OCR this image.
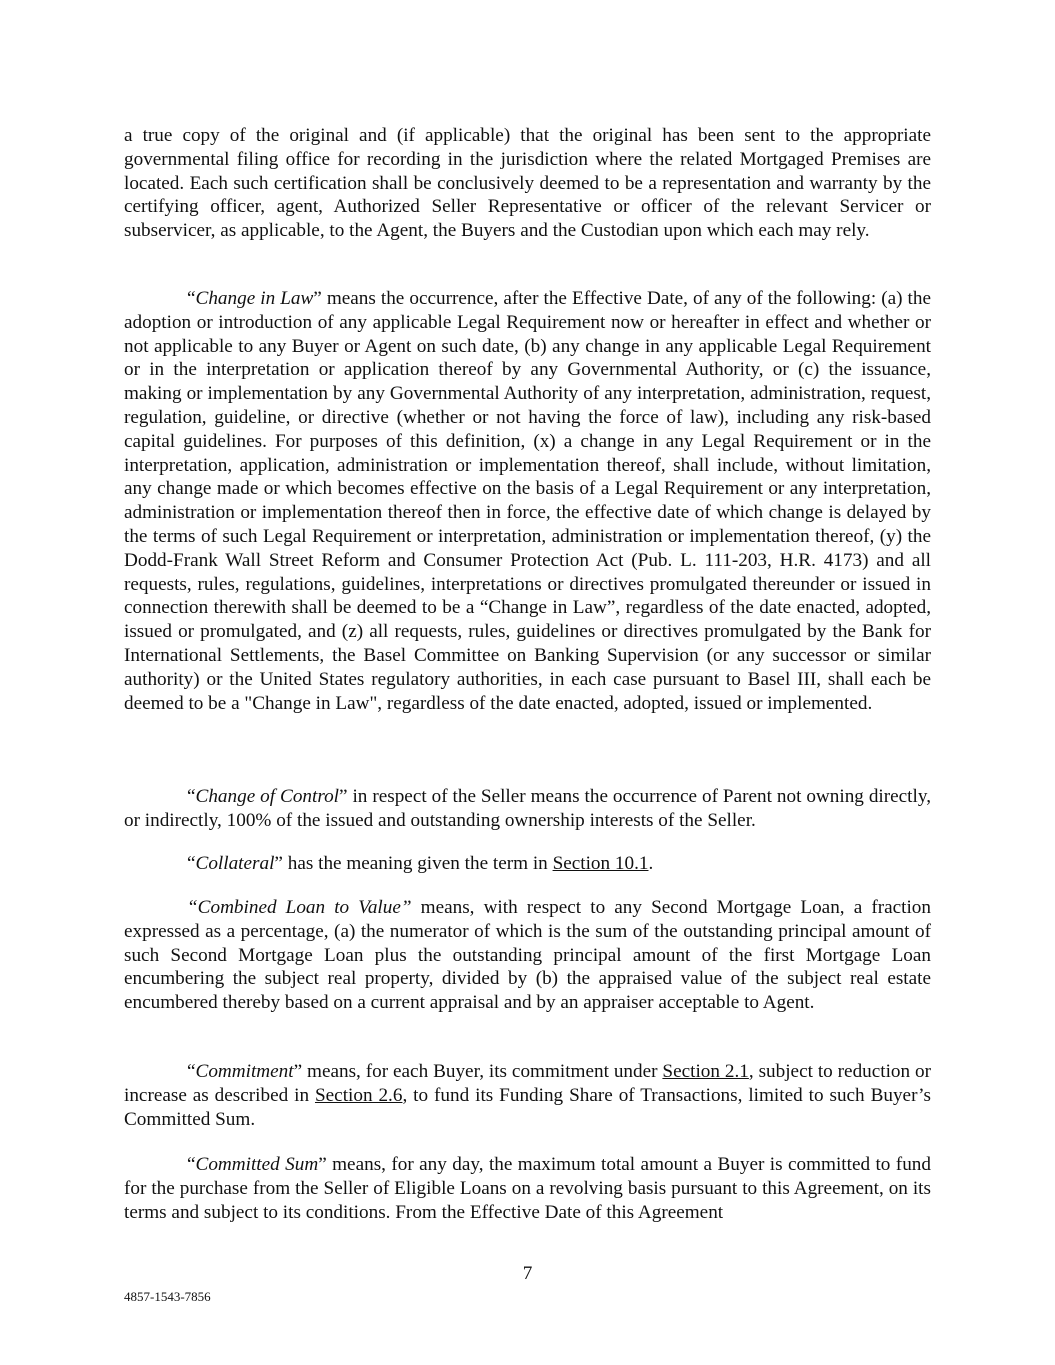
a true copy of the original and (if applicable) that the original has been sent to the appropriate governmental filing office for recording in the jurisdiction where the related Mortgaged Premises are located. Each such certification shall be conclusively deemed to be a representation and warranty by the certifying officer, agent, Authorized Seller Representative or officer of the relevant Servicer or subservicer, as applicable, to the Agent, the Buyers and the Custodian upon which each may rely.

“Change in Law” means the occurrence, after the Effective Date, of any of the following: (a) the adoption or introduction of any applicable Legal Requirement now or hereafter in effect and whether or not applicable to any Buyer or Agent on such date, (b) any change in any applicable Legal Requirement or in the interpretation or application thereof by any Governmental Authority, or (c) the issuance, making or implementation by any Governmental Authority of any interpretation, administration, request, regulation, guideline, or directive (whether or not having the force of law), including any risk-based capital guidelines. For purposes of this definition, (x) a change in any Legal Requirement or in the interpretation, application, administration or implementation thereof, shall include, without limitation, any change made or which becomes effective on the basis of a Legal Requirement or any interpretation, administration or implementation thereof then in force, the effective date of which change is delayed by the terms of such Legal Requirement or interpretation, administration or implementation thereof, (y) the Dodd-Frank Wall Street Reform and Consumer Protection Act (Pub. L. 111-203, H.R. 4173) and all requests, rules, regulations, guidelines, interpretations or directives promulgated thereunder or issued in connection therewith shall be deemed to be a “Change in Law”, regardless of the date enacted, adopted, issued or promulgated, and (z) all requests, rules, guidelines or directives promulgated by the Bank for International Settlements, the Basel Committee on Banking Supervision (or any successor or similar authority) or the United States regulatory authorities, in each case pursuant to Basel III, shall each be deemed to be a "Change in Law", regardless of the date enacted, adopted, issued or implemented.

“Change of Control” in respect of the Seller means the occurrence of Parent not owning directly, or indirectly, 100% of the issued and outstanding ownership interests of the Seller.

“Collateral” has the meaning given the term in Section 10.1.

“Combined Loan to Value” means, with respect to any Second Mortgage Loan, a fraction expressed as a percentage, (a) the numerator of which is the sum of the outstanding principal amount of such Second Mortgage Loan plus the outstanding principal amount of the first Mortgage Loan encumbering the subject real property, divided by (b) the appraised value of the subject real estate encumbered thereby based on a current appraisal and by an appraiser acceptable to Agent.

“Commitment” means, for each Buyer, its commitment under Section 2.1, subject to reduction or increase as described in Section 2.6, to fund its Funding Share of Transactions, limited to such Buyer’s Committed Sum.

“Committed Sum” means, for any day, the maximum total amount a Buyer is committed to fund for the purchase from the Seller of Eligible Loans on a revolving basis pursuant to this Agreement, on its terms and subject to its conditions. From the Effective Date of this Agreement

7
4857-1543-7856
